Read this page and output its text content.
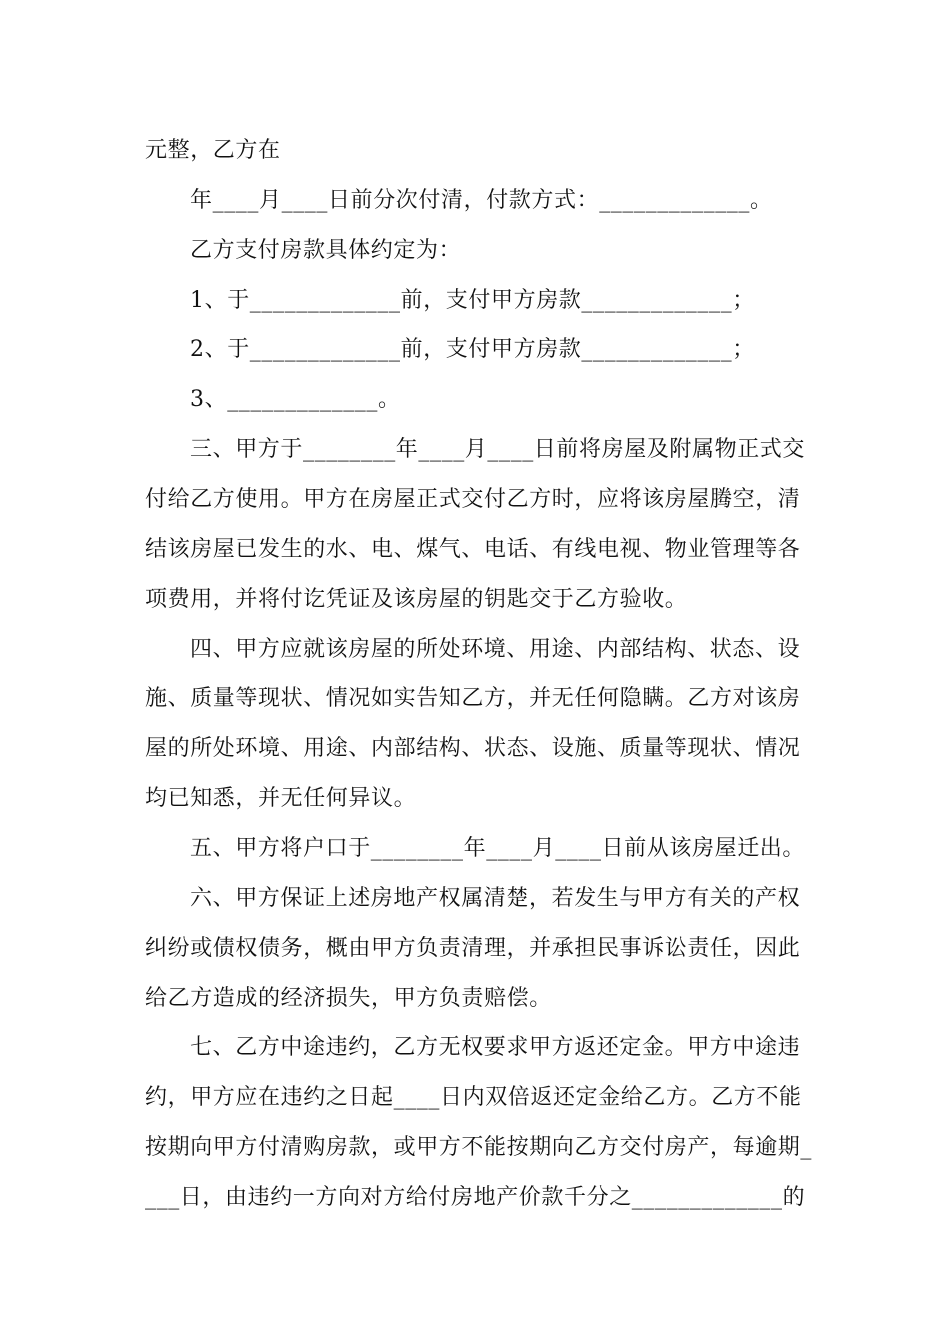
元整，乙方在
年____月____日前分次付清，付款方式：_____________。
乙方支付房款具体约定为：
1、于_____________前，支付甲方房款_____________；
2、于_____________前，支付甲方房款_____________；
3、_____________。
三、甲方于________年____月____日前将房屋及附属物正式交
付给乙方使用。甲方在房屋正式交付乙方时，应将该房屋腾空，清
结该房屋已发生的水、电、煤气、电话、有线电视、物业管理等各
项费用，并将付讫凭证及该房屋的钥匙交于乙方验收。
四、甲方应就该房屋的所处环境、用途、内部结构、状态、设
施、质量等现状、情况如实告知乙方，并无任何隐瞒。乙方对该房
屋的所处环境、用途、内部结构、状态、设施、质量等现状、情况
均已知悉，并无任何异议。
五、甲方将户口于________年____月____日前从该房屋迁出。
六、甲方保证上述房地产权属清楚，若发生与甲方有关的产权
纠纷或债权债务，概由甲方负责清理，并承担民事诉讼责任，因此
给乙方造成的经济损失，甲方负责赔偿。
七、乙方中途违约，乙方无权要求甲方返还定金。甲方中途违
约，甲方应在违约之日起____日内双倍返还定金给乙方。乙方不能
按期向甲方付清购房款，或甲方不能按期向乙方交付房产，每逾期_
___日，由违约一方向对方给付房地产价款千分之_____________的
